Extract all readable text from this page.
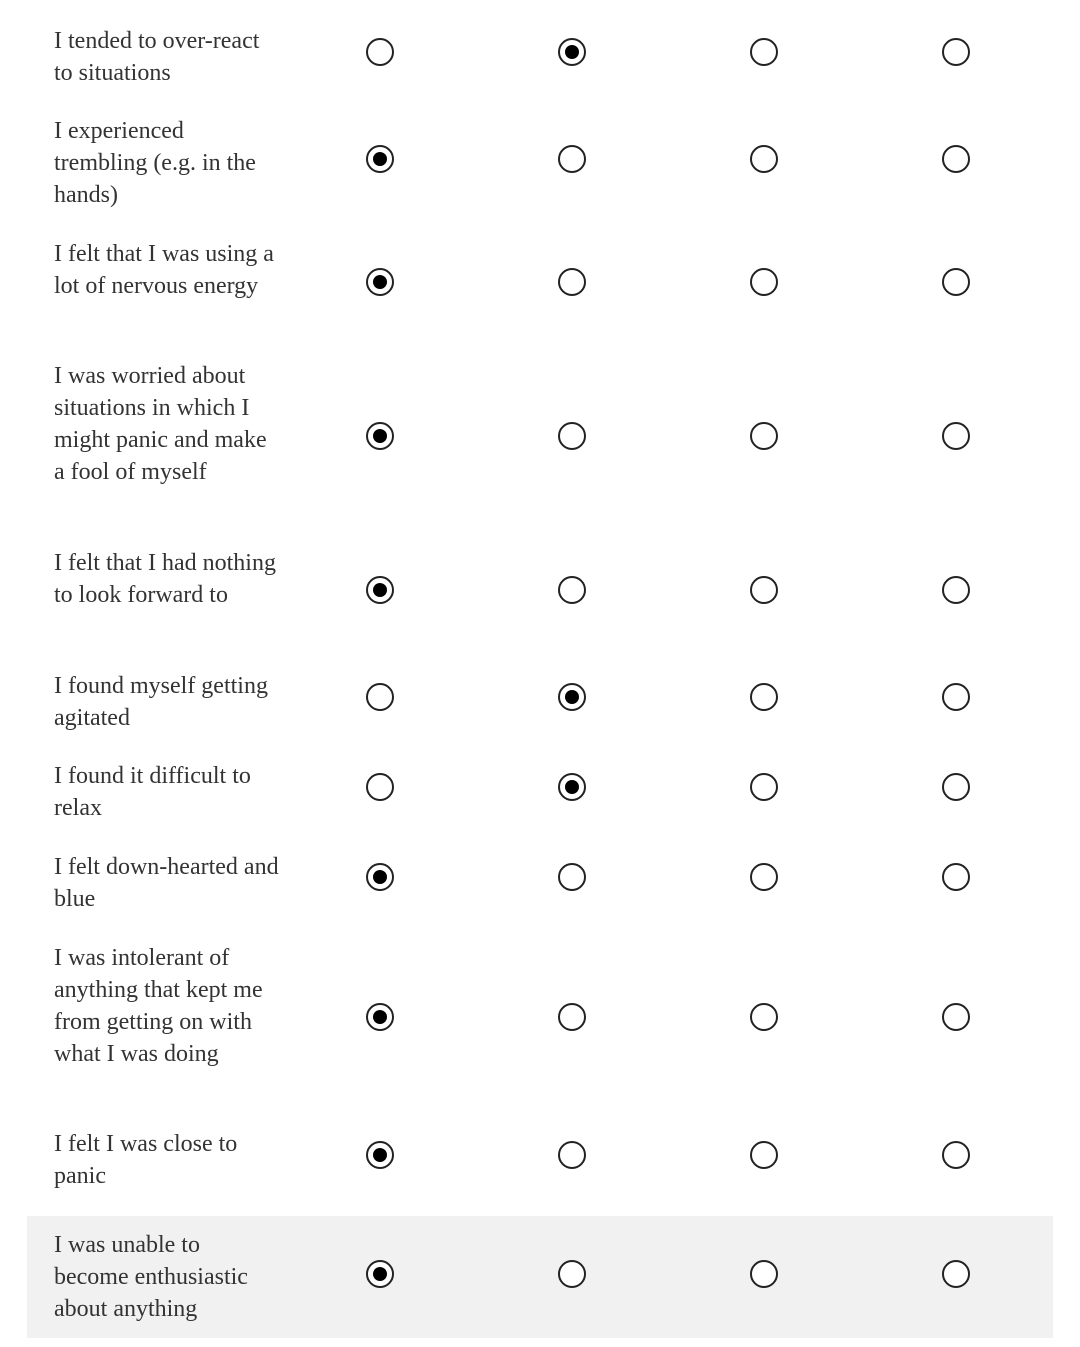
I tended to over-react to situations
I experienced trembling (e.g. in the hands)
I felt that I was using a lot of nervous energy
I was worried about situations in which I might panic and make a fool of myself
I felt that I had nothing to look forward to
I found myself getting agitated
I found it difficult to relax
I felt down-hearted and blue
I was intolerant of anything that kept me from getting on with what I was doing
I felt I was close to panic
I was unable to become enthusiastic about anything
